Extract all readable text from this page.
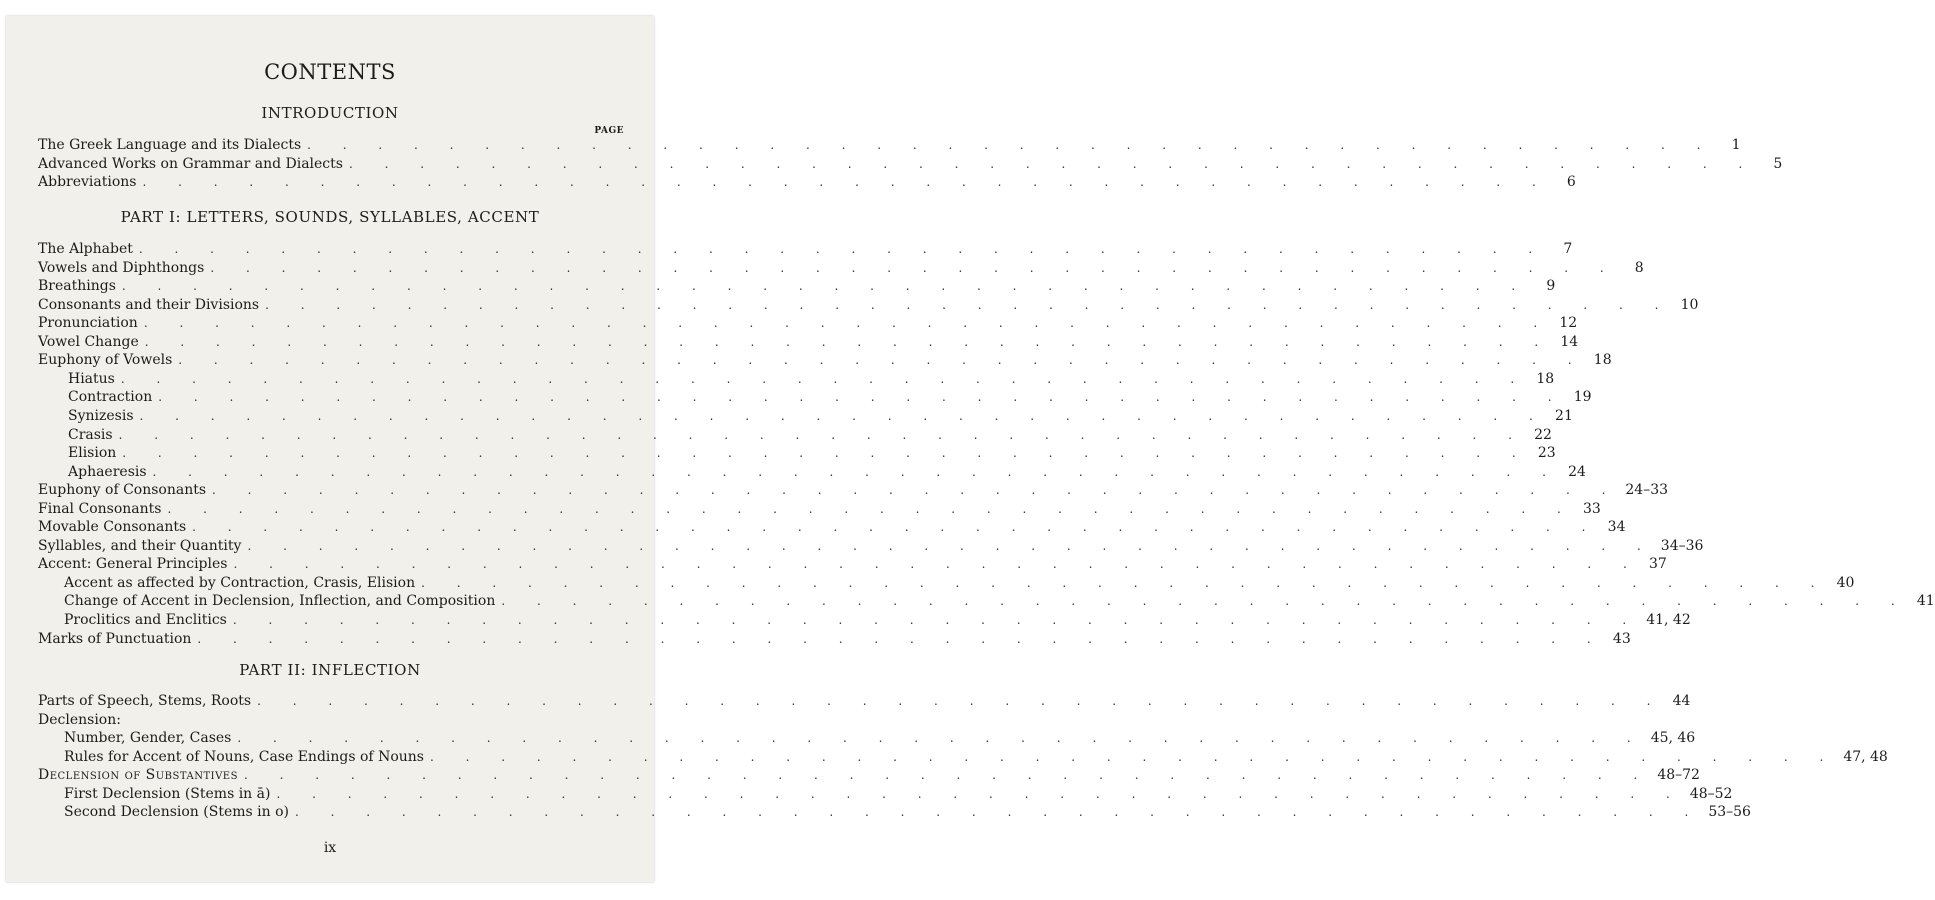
CONTENTS
PAGE
INTRODUCTION
The Greek Language and its Dialects . . . . . . . . . . . . . . . . . . . . . . . . . . . . . . . . . . . . . . . .	1
Advanced Works on Grammar and Dialects . . . . . . . . . . . . . . . . . . . . . . . . . . . . . . . . . . . . . . . .	5
Abbreviations . . . . . . . . . . . . . . . . . . . . . . . . . . . . . . . . . . . . . . . .	6
PART I: LETTERS, SOUNDS, SYLLABLES, ACCENT
The Alphabet . . . . . . . . . . . . . . . . . . . . . . . . . . . . . . . . . . . . . . . .	7
Vowels and Diphthongs . . . . . . . . . . . . . . . . . . . . . . . . . . . . . . . . . . . . . . . .	8
Breathings . . . . . . . . . . . . . . . . . . . . . . . . . . . . . . . . . . . . . . . .	9
Consonants and their Divisions . . . . . . . . . . . . . . . . . . . . . . . . . . . . . . . . . . . . . . . . 10
Pronunciation . . . . . . . . . . . . . . . . . . . . . . . . . . . . . . . . . . . . . . . . 12
Vowel Change . . . . . . . . . . . . . . . . . . . . . . . . . . . . . . . . . . . . . . . . 14
Euphony of Vowels . . . . . . . . . . . . . . . . . . . . . . . . . . . . . . . . . . . . . . . . 18
Hiatus . . . . . . . . . . . . . . . . . . . . . . . . . . . . . . . . . . . . . . . . 18
Contraction . . . . . . . . . . . . . . . . . . . . . . . . . . . . . . . . . . . . . . . . 19
Synizesis . . . . . . . . . . . . . . . . . . . . . . . . . . . . . . . . . . . . . . . . 21
Crasis . . . . . . . . . . . . . . . . . . . . . . . . . . . . . . . . . . . . . . . . 22
Elision . . . . . . . . . . . . . . . . . . . . . . . . . . . . . . . . . . . . . . . . 23
Aphaeresis . . . . . . . . . . . . . . . . . . . . . . . . . . . . . . . . . . . . . . . . 24
Euphony of Consonants . . . . . . . . . . . . . . . . . . . . . . . . . . . . . . . . . . . . . . . . 24–33
Final Consonants . . . . . . . . . . . . . . . . . . . . . . . . . . . . . . . . . . . . . . . . 33
Movable Consonants . . . . . . . . . . . . . . . . . . . . . . . . . . . . . . . . . . . . . . . . 34
Syllables, and their Quantity . . . . . . . . . . . . . . . . . . . . . . . . . . . . . . . . . . . . . . . . 34–36
Accent: General Principles . . . . . . . . . . . . . . . . . . . . . . . . . . . . . . . . . . . . . . . . 37
Accent as affected by Contraction, Crasis, Elision . . . . . . . . . . . . . . . . . . . . . . . . . . . . . . . . . . . . . . . . 40
Change of Accent in Declension, Inflection, and Composition . . . . . . . . . . . . . . . . . . . . . . . . . . . . . . . . . . . . . . . . 41
Proclitics and Enclitics . . . . . . . . . . . . . . . . . . . . . . . . . . . . . . . . . . . . . . . . 41, 42
Marks of Punctuation . . . . . . . . . . . . . . . . . . . . . . . . . . . . . . . . . . . . . . . . 43
PART II: INFLECTION
Parts of Speech, Stems, Roots . . . . . . . . . . . . . . . . . . . . . . . . . . . . . . . . . . . . . . . . 44
Declension:
Number, Gender, Cases . . . . . . . . . . . . . . . . . . . . . . . . . . . . . . . . . . . . . . . . 45, 46
Rules for Accent of Nouns, Case Endings of Nouns . . . . . . . . . . . . . . . . . . . . . . . . . . . . . . . . . . . . . . . . 47, 48
Declension of Substantives . . . . . . . . . . . . . . . . . . . . . . . . . . . . . . . . . . . . . . . . 48–72
First Declension (Stems in ā) . . . . . . . . . . . . . . . . . . . . . . . . . . . . . . . . . . . . . . . . 48–52
Second Declension (Stems in ο) . . . . . . . . . . . . . . . . . . . . . . . . . . . . . . . . . . . . . . . . 53–56
ix
